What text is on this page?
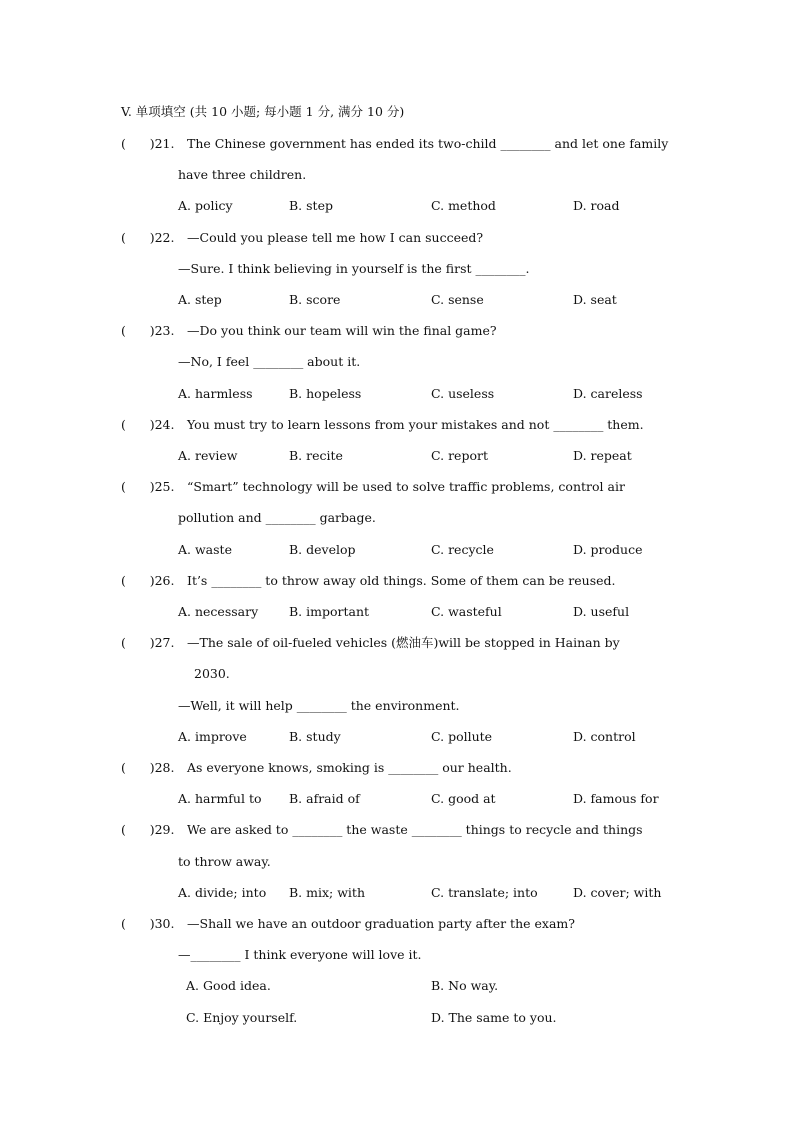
V. 单项填空 (共 10 小题; 每小题 1 分, 满分 10 分)
(      )21. The Chinese government has ended its two-child ________ and let one family
have three children.
A. policy	B. step	C. method	D. road
(      )22. —Could you please tell me how I can succeed?
—Sure. I think believing in yourself is the first ________.
A. step	B. score	C. sense	D. seat
(      )23. —Do you think our team will win the final game?
—No, I feel ________ about it.
A. harmless	B. hopeless	C. useless	D. careless
(      )24. You must try to learn lessons from your mistakes and not ________ them.
A. review	B. recite	C. report	D. repeat
(      )25. “Smart” technology will be used to solve traffic problems, control air
pollution and ________ garbage.
A. waste	B. develop	C. recycle	D. produce
(      )26. It’s ________ to throw away old things. Some of them can be reused.
A. necessary B. important	C. wasteful	D. useful
(      )27. —The sale of oil-fueled vehicles (燃油车)will be stopped in Hainan by
2030.
—Well, it will help ________ the environment.
A. improve	B. study	C. pollute	D. control
(      )28. As everyone knows, smoking is ________ our health.
A. harmful to B. afraid of	C. good at	D. famous for
(      )29. We are asked to ________ the waste ________ things to recycle and things
to throw away.
A. divide; into B. mix; with	C. translate; into	D. cover; with
(      )30. —Shall we have an outdoor graduation party after the exam?
—________ I think everyone will love it.
A. Good idea.	B. No way.
C. Enjoy yourself.	D. The same to you.
